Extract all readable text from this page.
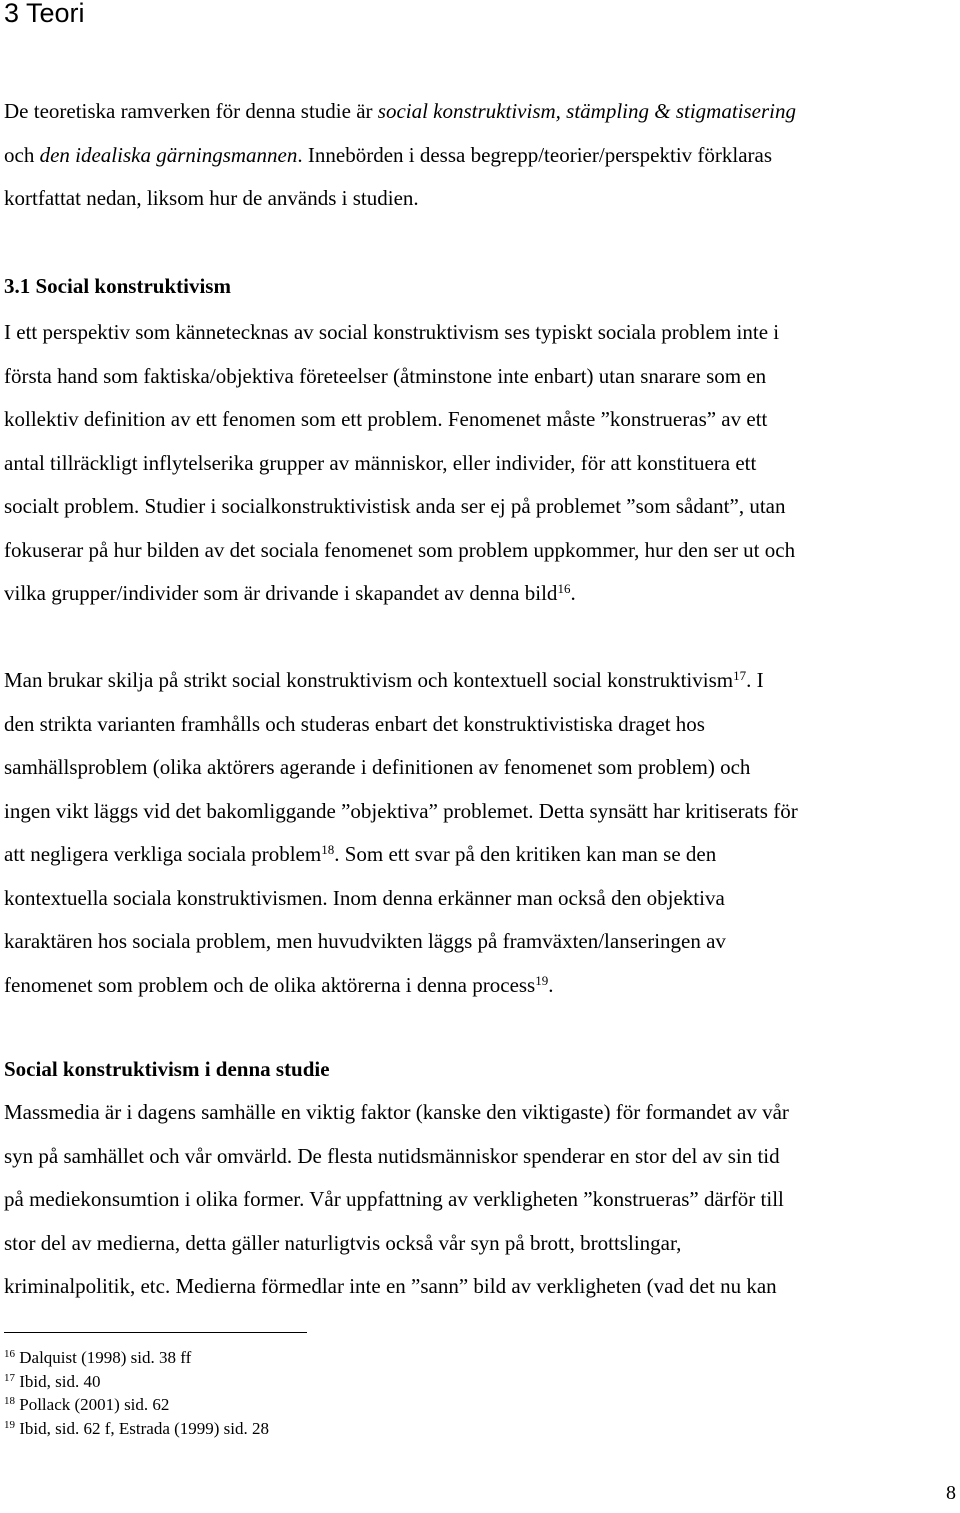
3 Teori

De teoretiska ramverken för denna studie är social konstruktivism, stämpling & stigmatisering
och den idealiska gärningsmannen. Innebörden i dessa begrepp/teorier/perspektiv förklaras
kortfattat nedan, liksom hur de används i studien.

3.1 Social konstruktivism

I ett perspektiv som kännetecknas av social konstruktivism ses typiskt sociala problem inte i
första hand som faktiska/objektiva företeelser (åtminstone inte enbart) utan snarare som en
kollektiv definition av ett fenomen som ett problem. Fenomenet måste ”konstrueras” av ett
antal tillräckligt inflytelserika grupper av människor, eller individer, för att konstituera ett
socialt problem. Studier i socialkonstruktivistisk anda ser ej på problemet ”som sådant”, utan
fokuserar på hur bilden av det sociala fenomenet som problem uppkommer, hur den ser ut och
vilka grupper/individer som är drivande i skapandet av denna bild$^{16}$.

Man brukar skilja på strikt social konstruktivism och kontextuell social konstruktivism$^{17}$. I
den strikta varianten framhålls och studeras enbart det konstruktivistiska draget hos
samhällsproblem (olika aktörers agerande i definitionen av fenomenet som problem) och
ingen vikt läggs vid det bakomliggande ”objektiva” problemet. Detta synsätt har kritiserats för
att negligera verkliga sociala problem$^{18}$. Som ett svar på den kritiken kan man se den
kontextuella sociala konstruktivismen. Inom denna erkänner man också den objektiva
karaktären hos sociala problem, men huvudvikten läggs på framväxten/lanseringen av
fenomenet som problem och de olika aktörerna i denna process$^{19}$.

Social konstruktivism i denna studie

Massmedia är i dagens samhälle en viktig faktor (kanske den viktigaste) för formandet av vår
syn på samhället och vår omvärld. De flesta nutidsmänniskor spenderar en stor del av sin tid
på mediekonsumtion i olika former. Vår uppfattning av verkligheten ”konstrueras” därför till
stor del av medierna, detta gäller naturligtvis också vår syn på brott, brottslingar,
kriminalpolitik, etc. Medierna förmedlar inte en ”sann” bild av verkligheten (vad det nu kan

$^{16}$ Dalquist (1998) sid. 38 ff
$^{17}$ Ibid, sid. 40
$^{18}$ Pollack (2001) sid. 62
$^{19}$ Ibid, sid. 62 f, Estrada (1999) sid. 28
8
